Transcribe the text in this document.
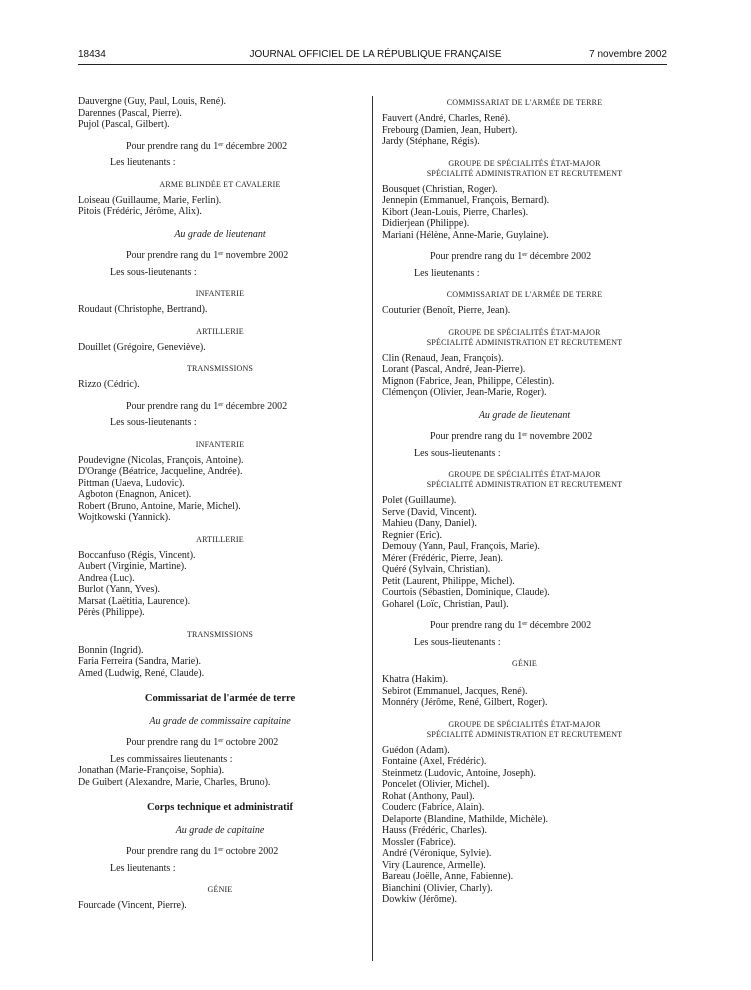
18434	JOURNAL OFFICIEL DE LA RÉPUBLIQUE FRANÇAISE	7 novembre 2002
Dauvergne (Guy, Paul, Louis, René).
Darennes (Pascal, Pierre).
Pujol (Pascal, Gilbert).
Pour prendre rang du 1er décembre 2002
Les lieutenants :
ARME BLINDÉE ET CAVALERIE
Loiseau (Guillaume, Marie, Ferlin).
Pitois (Frédéric, Jérôme, Alix).
Au grade de lieutenant
Pour prendre rang du 1er novembre 2002
Les sous-lieutenants :
INFANTERIE
Roudaut (Christophe, Bertrand).
ARTILLERIE
Douillet (Grégoire, Geneviève).
TRANSMISSIONS
Rizzo (Cédric).
Pour prendre rang du 1er décembre 2002
Les sous-lieutenants :
INFANTERIE
Poudevigne (Nicolas, François, Antoine).
D'Orange (Béatrice, Jacqueline, Andrée).
Pittman (Uaeva, Ludovic).
Agboton (Enagnon, Anicet).
Robert (Bruno, Antoine, Marie, Michel).
Wojtkowski (Yannick).
ARTILLERIE
Boccanfuso (Régis, Vincent).
Aubert (Virginie, Martine).
Andrea (Luc).
Burlot (Yann, Yves).
Marsat (Laëtitia, Laurence).
Pérès (Philippe).
TRANSMISSIONS
Bonnin (Ingrid).
Faria Ferreira (Sandra, Marie).
Amed (Ludwig, René, Claude).
Commissariat de l'armée de terre
Au grade de commissaire capitaine
Pour prendre rang du 1er octobre 2002
Les commissaires lieutenants :
Jonathan (Marie-Françoise, Sophia).
De Guibert (Alexandre, Marie, Charles, Bruno).
Corps technique et administratif
Au grade de capitaine
Pour prendre rang du 1er octobre 2002
Les lieutenants :
GÉNIE
Fourcade (Vincent, Pierre).
COMMISSARIAT DE L'ARMÉE DE TERRE
Fauvert (André, Charles, René).
Frebourg (Damien, Jean, Hubert).
Jardy (Stéphane, Régis).
GROUPE DE SPÉCIALITÉS ÉTAT-MAJOR
SPÉCIALITÉ ADMINISTRATION ET RECRUTEMENT
Bousquet (Christian, Roger).
Jennepin (Emmanuel, François, Bernard).
Kibort (Jean-Louis, Pierre, Charles).
Didierjean (Philippe).
Mariani (Hélène, Anne-Marie, Guylaine).
Pour prendre rang du 1er décembre 2002
Les lieutenants :
COMMISSARIAT DE L'ARMÉE DE TERRE
Couturier (Benoît, Pierre, Jean).
GROUPE DE SPÉCIALITÉS ÉTAT-MAJOR
SPÉCIALITÉ ADMINISTRATION ET RECRUTEMENT
Clin (Renaud, Jean, François).
Lorant (Pascal, André, Jean-Pierre).
Mignon (Fabrice, Jean, Philippe, Célestin).
Clémençon (Olivier, Jean-Marie, Roger).
Au grade de lieutenant
Pour prendre rang du 1er novembre 2002
Les sous-lieutenants :
GROUPE DE SPÉCIALITÉS ÉTAT-MAJOR
SPÉCIALITÉ ADMINISTRATION ET RECRUTEMENT
Polet (Guillaume).
Serve (David, Vincent).
Mahieu (Dany, Daniel).
Regnier (Eric).
Demouy (Yann, Paul, François, Marie).
Mérer (Frédéric, Pierre, Jean).
Quéré (Sylvain, Christian).
Petit (Laurent, Philippe, Michel).
Courtois (Sébastien, Dominique, Claude).
Goharel (Loïc, Christian, Paul).
Pour prendre rang du 1er décembre 2002
Les sous-lieutenants :
GÉNIE
Khatra (Hakim).
Sebirot (Emmanuel, Jacques, René).
Monnéry (Jérôme, René, Gilbert, Roger).
GROUPE DE SPÉCIALITÉS ÉTAT-MAJOR
SPÉCIALITÉ ADMINISTRATION ET RECRUTEMENT
Guédon (Adam).
Fontaine (Axel, Frédéric).
Steinmetz (Ludovic, Antoine, Joseph).
Poncelet (Olivier, Michel).
Rohat (Anthony, Paul).
Couderc (Fabrice, Alain).
Delaporte (Blandine, Mathilde, Michèle).
Hauss (Frédéric, Charles).
Mossler (Fabrice).
André (Véronique, Sylvie).
Viry (Laurence, Armelle).
Bareau (Joëlle, Anne, Fabienne).
Bianchini (Olivier, Charly).
Dowkiw (Jérôme).
